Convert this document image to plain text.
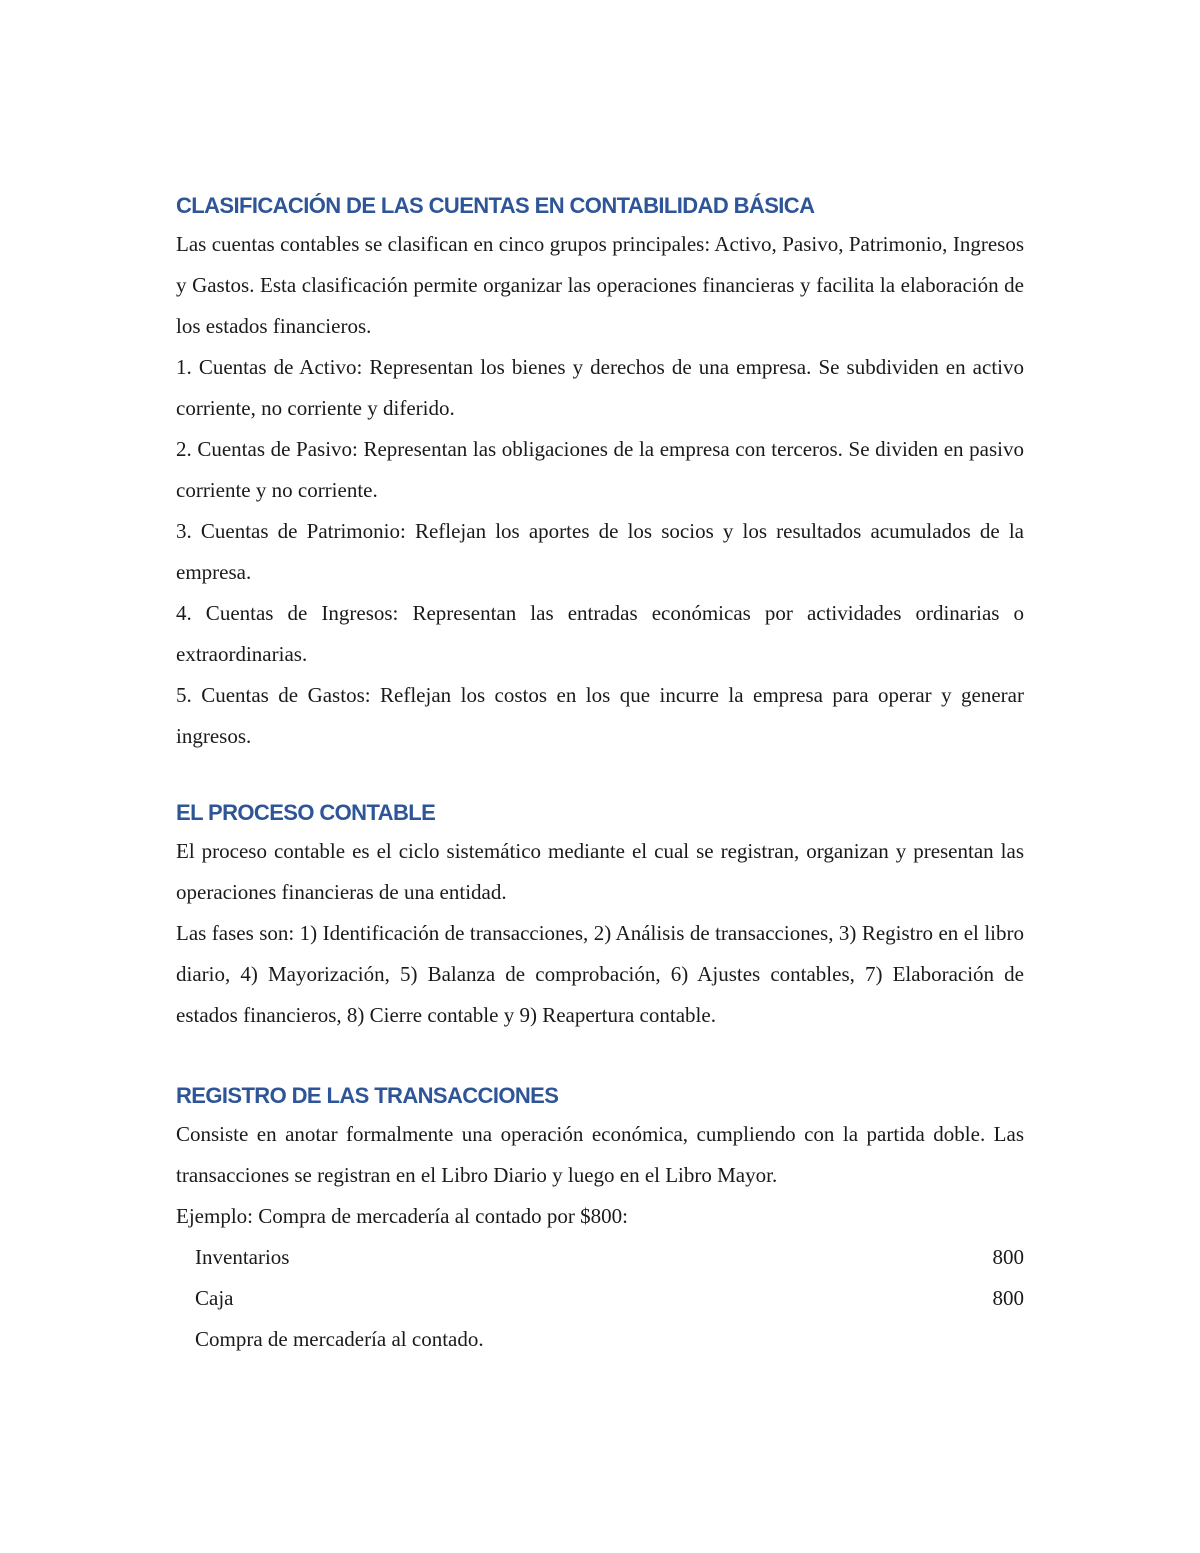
CLASIFICACIÓN DE LAS CUENTAS EN CONTABILIDAD BÁSICA

Las cuentas contables se clasifican en cinco grupos principales: Activo, Pasivo, Patrimonio, Ingresos y Gastos. Esta clasificación permite organizar las operaciones financieras y facilita la elaboración de los estados financieros.

1. Cuentas de Activo: Representan los bienes y derechos de una empresa. Se subdividen en activo corriente, no corriente y diferido.

2. Cuentas de Pasivo: Representan las obligaciones de la empresa con terceros. Se dividen en pasivo corriente y no corriente.

3. Cuentas de Patrimonio: Reflejan los aportes de los socios y los resultados acumulados de la empresa.

4. Cuentas de Ingresos: Representan las entradas económicas por actividades ordinarias o extraordinarias.

5. Cuentas de Gastos: Reflejan los costos en los que incurre la empresa para operar y generar ingresos.

EL PROCESO CONTABLE

El proceso contable es el ciclo sistemático mediante el cual se registran, organizan y presentan las operaciones financieras de una entidad.

Las fases son: 1) Identificación de transacciones, 2) Análisis de transacciones, 3) Registro en el libro diario, 4) Mayorización, 5) Balanza de comprobación, 6) Ajustes contables, 7) Elaboración de estados financieros, 8) Cierre contable y 9) Reapertura contable.

REGISTRO DE LAS TRANSACCIONES

Consiste en anotar formalmente una operación económica, cumpliendo con la partida doble. Las transacciones se registran en el Libro Diario y luego en el Libro Mayor.

Ejemplo: Compra de mercadería al contado por $800:

Inventarios	800
Caja	800
Compra de mercadería al contado.
